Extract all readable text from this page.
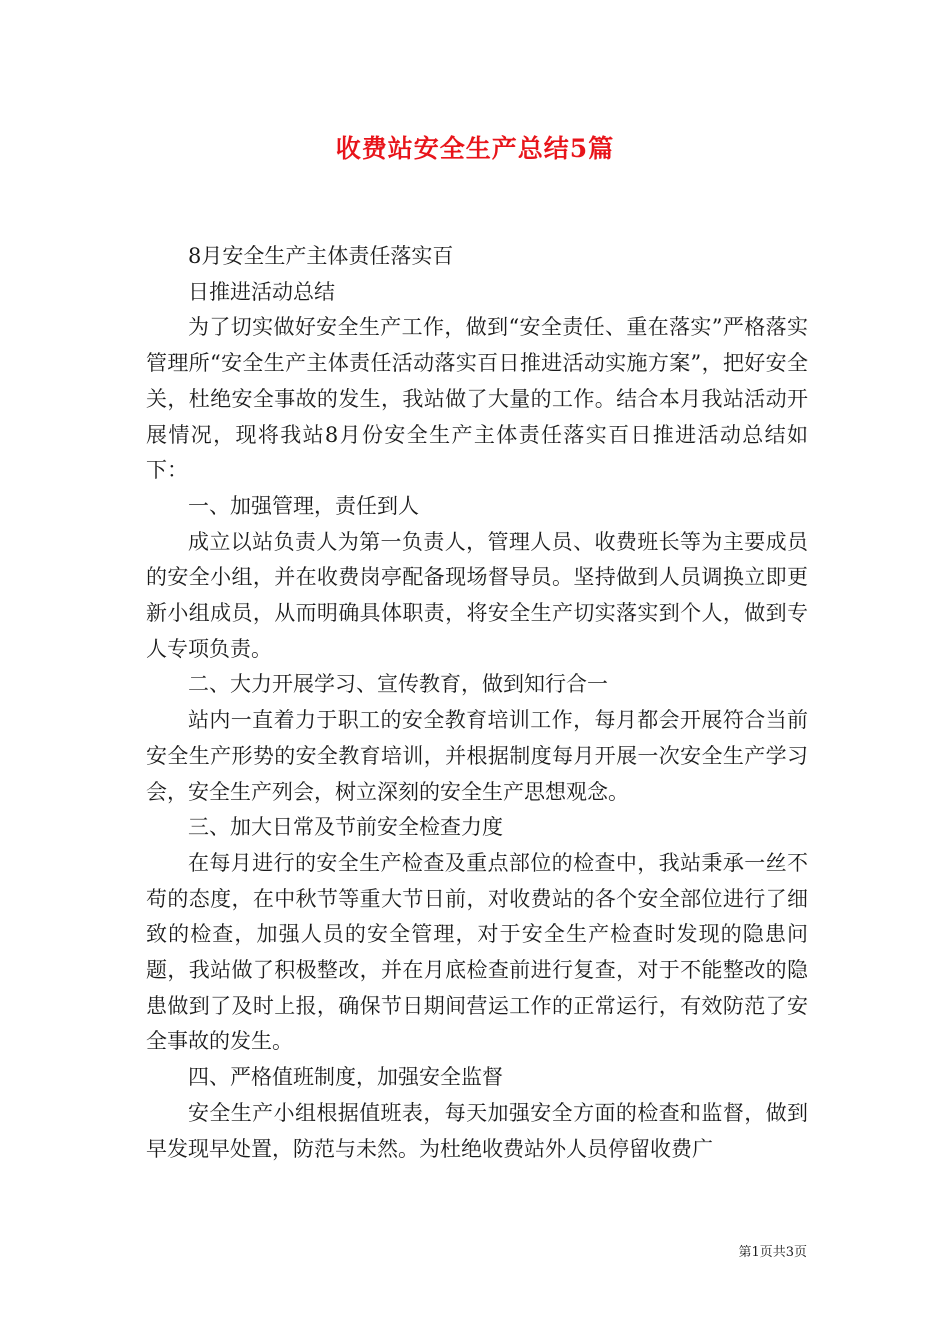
收费站安全生产总结5篇

8月安全生产主体责任落实百

日推进活动总结

为了切实做好安全生产工作，做到“安全责任、重在落实”严格落实管理所“安全生产主体责任活动落实百日推进活动实施方案”，把好安全关，杜绝安全事故的发生，我站做了大量的工作。结合本月我站活动开展情况，现将我站8月份安全生产主体责任落实百日推进活动总结如下：

一、加强管理，责任到人

成立以站负责人为第一负责人，管理人员、收费班长等为主要成员的安全小组，并在收费岗亭配备现场督导员。坚持做到人员调换立即更新小组成员，从而明确具体职责，将安全生产切实落实到个人，做到专人专项负责。

二、大力开展学习、宣传教育，做到知行合一

站内一直着力于职工的安全教育培训工作，每月都会开展符合当前安全生产形势的安全教育培训，并根据制度每月开展一次安全生产学习会，安全生产列会，树立深刻的安全生产思想观念。

三、加大日常及节前安全检查力度

在每月进行的安全生产检查及重点部位的检查中，我站秉承一丝不苟的态度，在中秋节等重大节日前，对收费站的各个安全部位进行了细致的检查，加强人员的安全管理，对于安全生产检查时发现的隐患问题，我站做了积极整改，并在月底检查前进行复查，对于不能整改的隐患做到了及时上报，确保节日期间营运工作的正常运行，有效防范了安全事故的发生。

四、严格值班制度，加强安全监督

安全生产小组根据值班表，每天加强安全方面的检查和监督，做到早发现早处置，防范与未然。为杜绝收费站外人员停留收费广

第1页共3页
